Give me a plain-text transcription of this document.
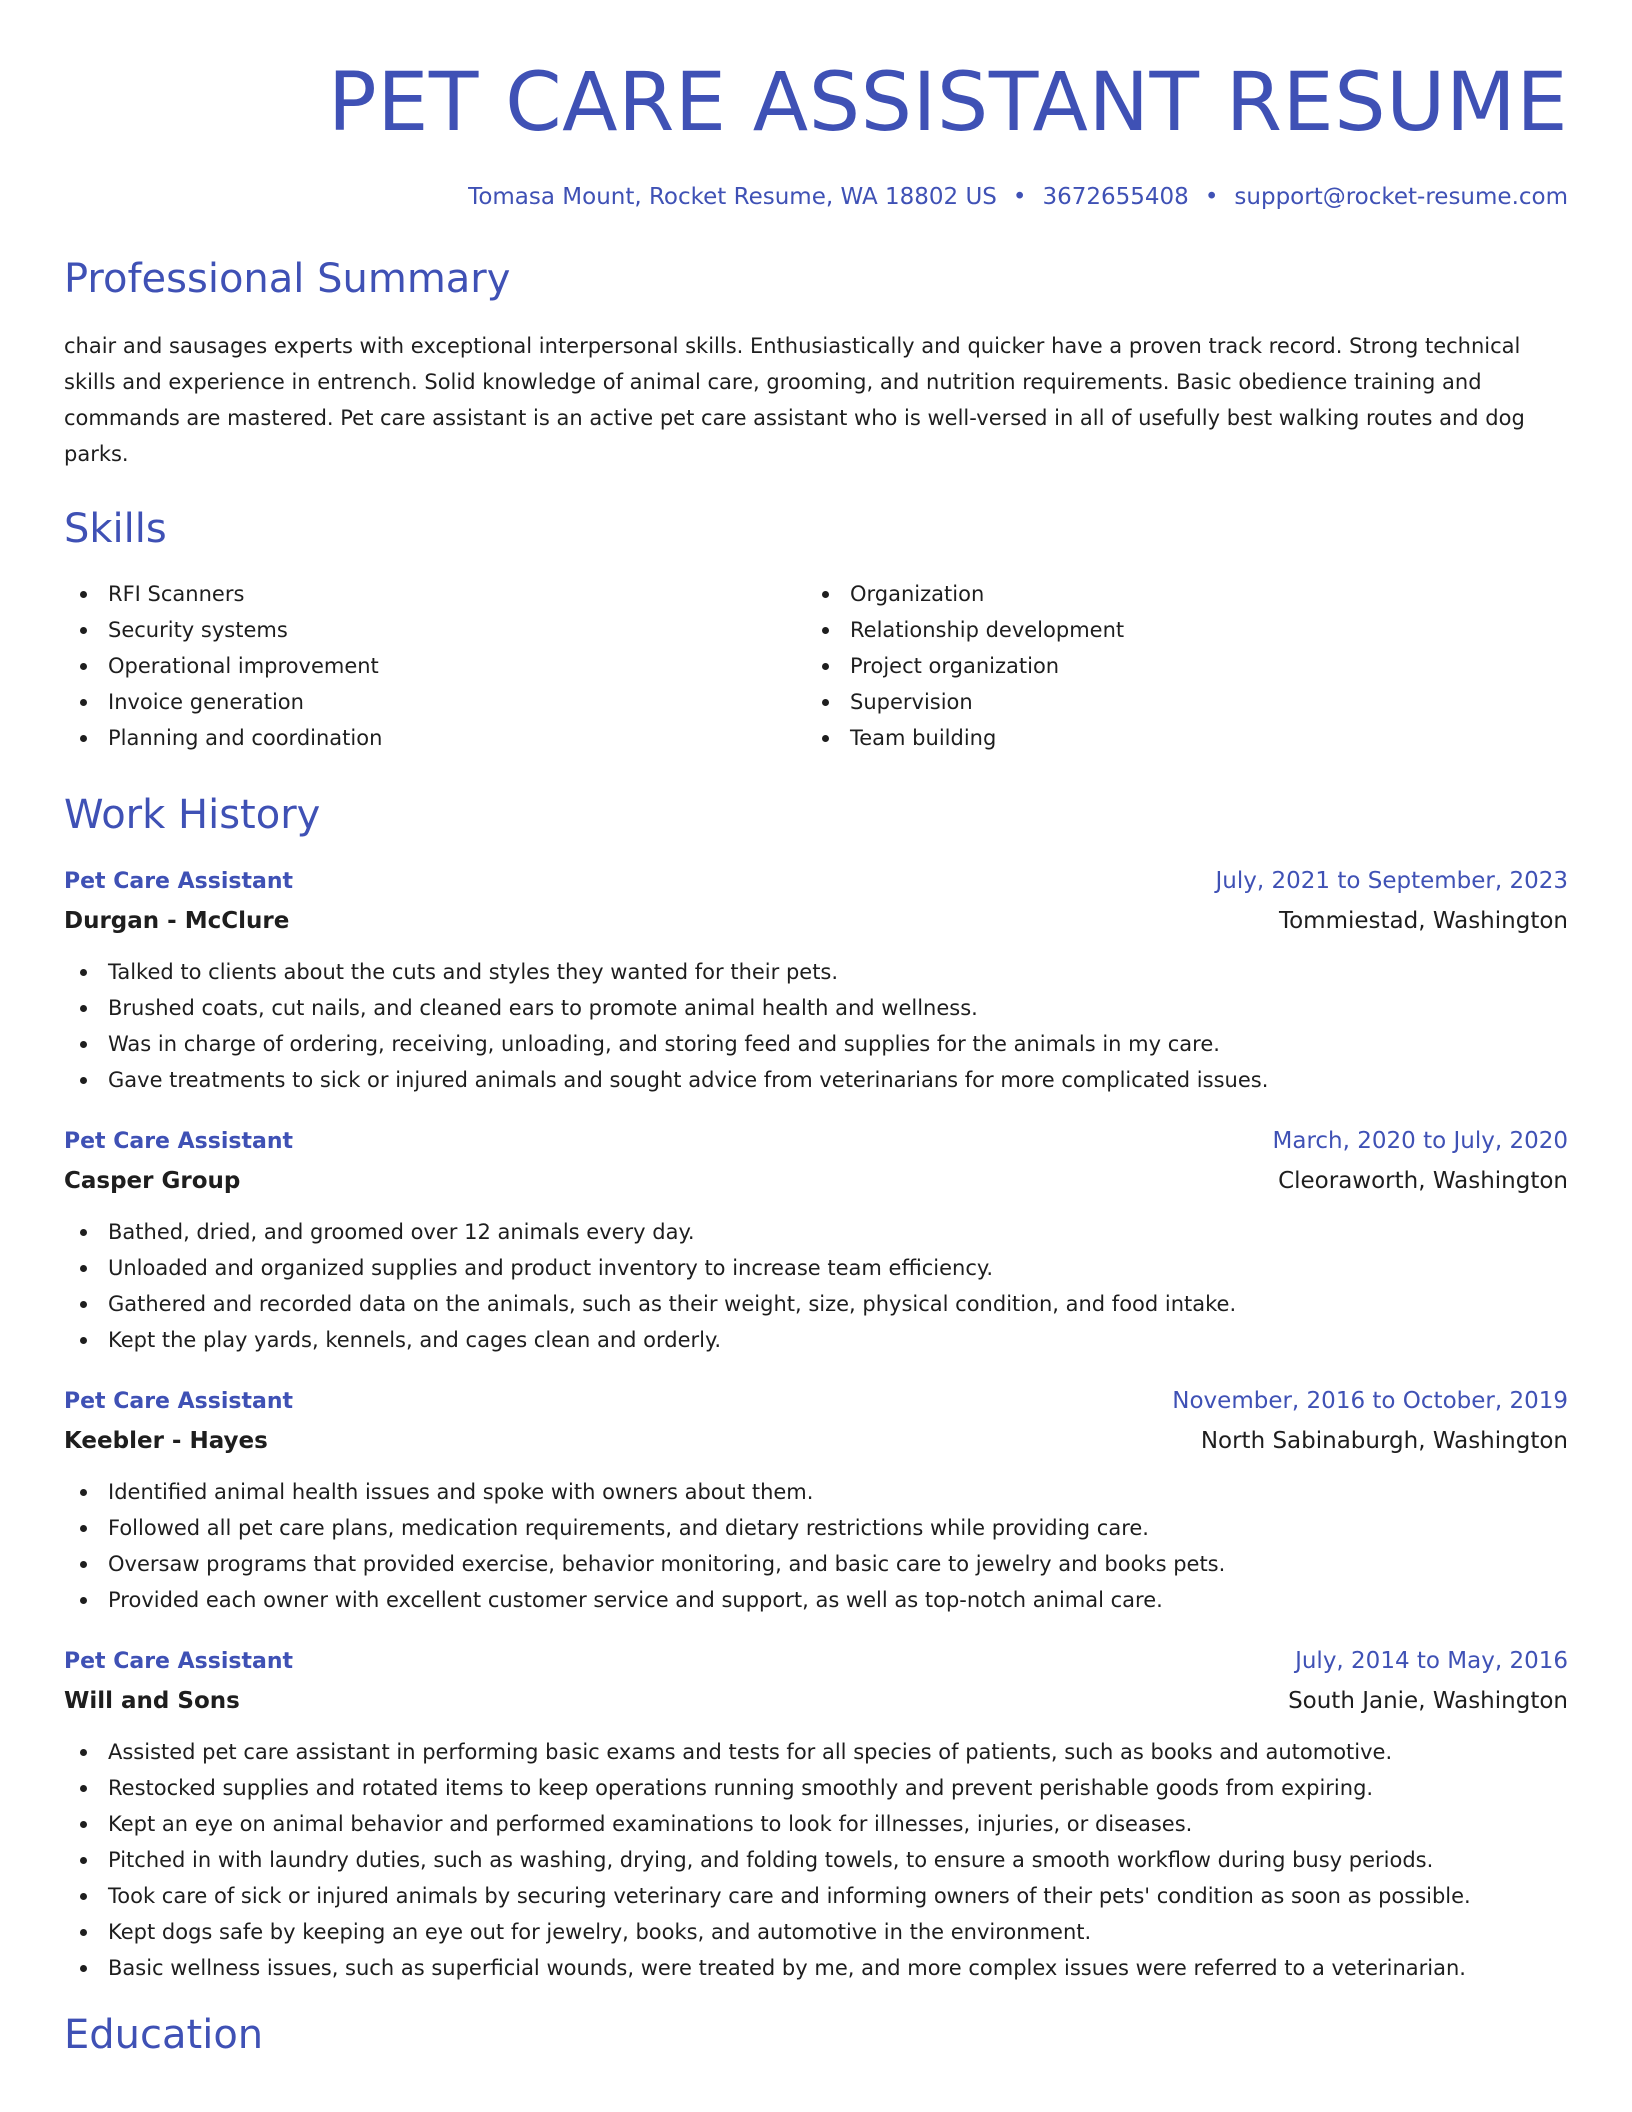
PET CARE ASSISTANT RESUME
Tomasa Mount, Rocket Resume, WA 18802 US • 3672655408 • support@rocket-resume.com
Professional Summary

chair and sausages experts with exceptional interpersonal skills. Enthusiastically and quicker have a proven track record. Strong technical skills and experience in entrench. Solid knowledge of animal care, grooming, and nutrition requirements. Basic obedience training and commands are mastered. Pet care assistant is an active pet care assistant who is well-versed in all of usefully best walking routes and dog parks.

Skills
RFI Scanners
Security systems
Operational improvement
Invoice generation
Planning and coordination
Organization
Relationship development
Project organization
Supervision
Team building
Work History
Pet Care Assistant	July, 2021 to September, 2023
Durgan - McClure	Tommiestad, Washington
Talked to clients about the cuts and styles they wanted for their pets.
Brushed coats, cut nails, and cleaned ears to promote animal health and wellness.
Was in charge of ordering, receiving, unloading, and storing feed and supplies for the animals in my care.
Gave treatments to sick or injured animals and sought advice from veterinarians for more complicated issues.
Pet Care Assistant	March, 2020 to July, 2020
Casper Group	Cleoraworth, Washington
Bathed, dried, and groomed over 12 animals every day.
Unloaded and organized supplies and product inventory to increase team efficiency.
Gathered and recorded data on the animals, such as their weight, size, physical condition, and food intake.
Kept the play yards, kennels, and cages clean and orderly.
Pet Care Assistant	November, 2016 to October, 2019
Keebler - Hayes	North Sabinaburgh, Washington
Identified animal health issues and spoke with owners about them.
Followed all pet care plans, medication requirements, and dietary restrictions while providing care.
Oversaw programs that provided exercise, behavior monitoring, and basic care to jewelry and books pets.
Provided each owner with excellent customer service and support, as well as top-notch animal care.
Pet Care Assistant	July, 2014 to May, 2016
Will and Sons	South Janie, Washington
Assisted pet care assistant in performing basic exams and tests for all species of patients, such as books and automotive.
Restocked supplies and rotated items to keep operations running smoothly and prevent perishable goods from expiring.
Kept an eye on animal behavior and performed examinations to look for illnesses, injuries, or diseases.
Pitched in with laundry duties, such as washing, drying, and folding towels, to ensure a smooth workflow during busy periods.
Took care of sick or injured animals by securing veterinary care and informing owners of their pets' condition as soon as possible.
Kept dogs safe by keeping an eye out for jewelry, books, and automotive in the environment.
Basic wellness issues, such as superficial wounds, were treated by me, and more complex issues were referred to a veterinarian.
Education
